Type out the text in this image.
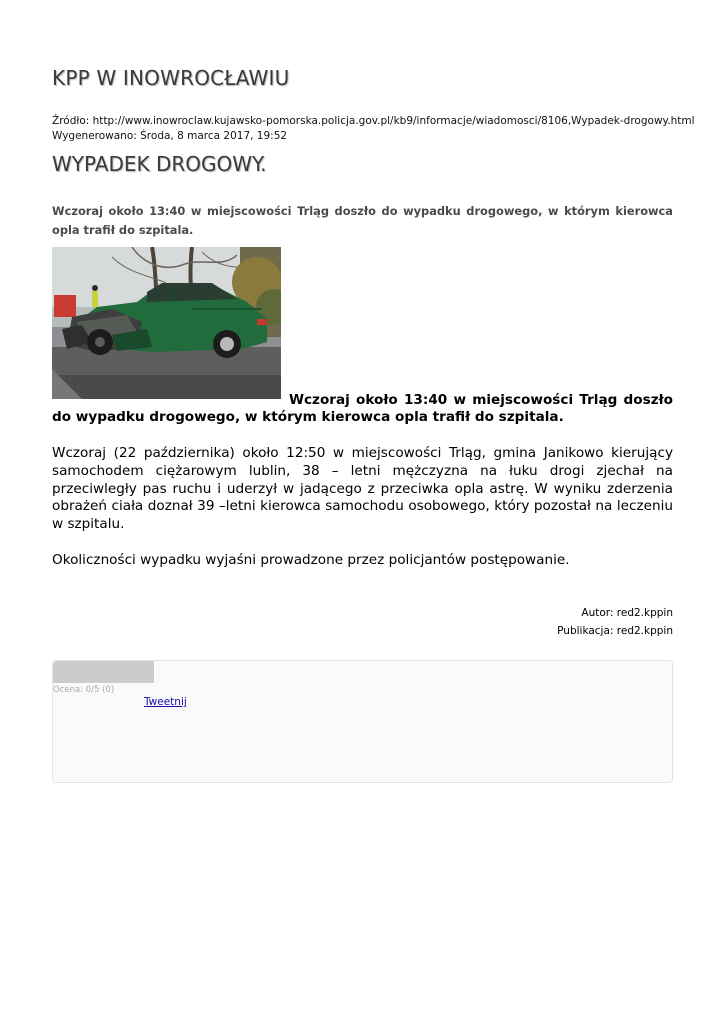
KPP W INOWROCŁAWIU
Źródło: http://www.inowroclaw.kujawsko-pomorska.policja.gov.pl/kb9/informacje/wiadomosci/8106,Wypadek-drogowy.html
Wygenerowano: Środa, 8 marca 2017, 19:52
WYPADEK DROGOWY.
Wczoraj około 13:40 w miejscowości Trląg doszło do wypadku drogowego, w którym kierowca opla trafił do szpitala.
Wczoraj około 13:40 w miejscowości Trląg doszło do wypadku drogowego, w którym kierowca opla trafił do szpitala.

Wczoraj (22 października) około 12:50 w miejscowości Trląg, gmina Janikowo kierujący samochodem ciężarowym lublin, 38 – letni mężczyzna na łuku drogi zjechał na przeciwległy pas ruchu i uderzył w jadącego z przeciwka opla astrę. W wyniku zderzenia obrażeń ciała doznał 39 –letni kierowca samochodu osobowego, który pozostał na leczeniu w szpitalu.

Okoliczności wypadku wyjaśni prowadzone przez policjantów postępowanie.

Autor: red2.kppin
Publikacja: red2.kppin
Ocena: 0/5 (0)
Tweetnij
